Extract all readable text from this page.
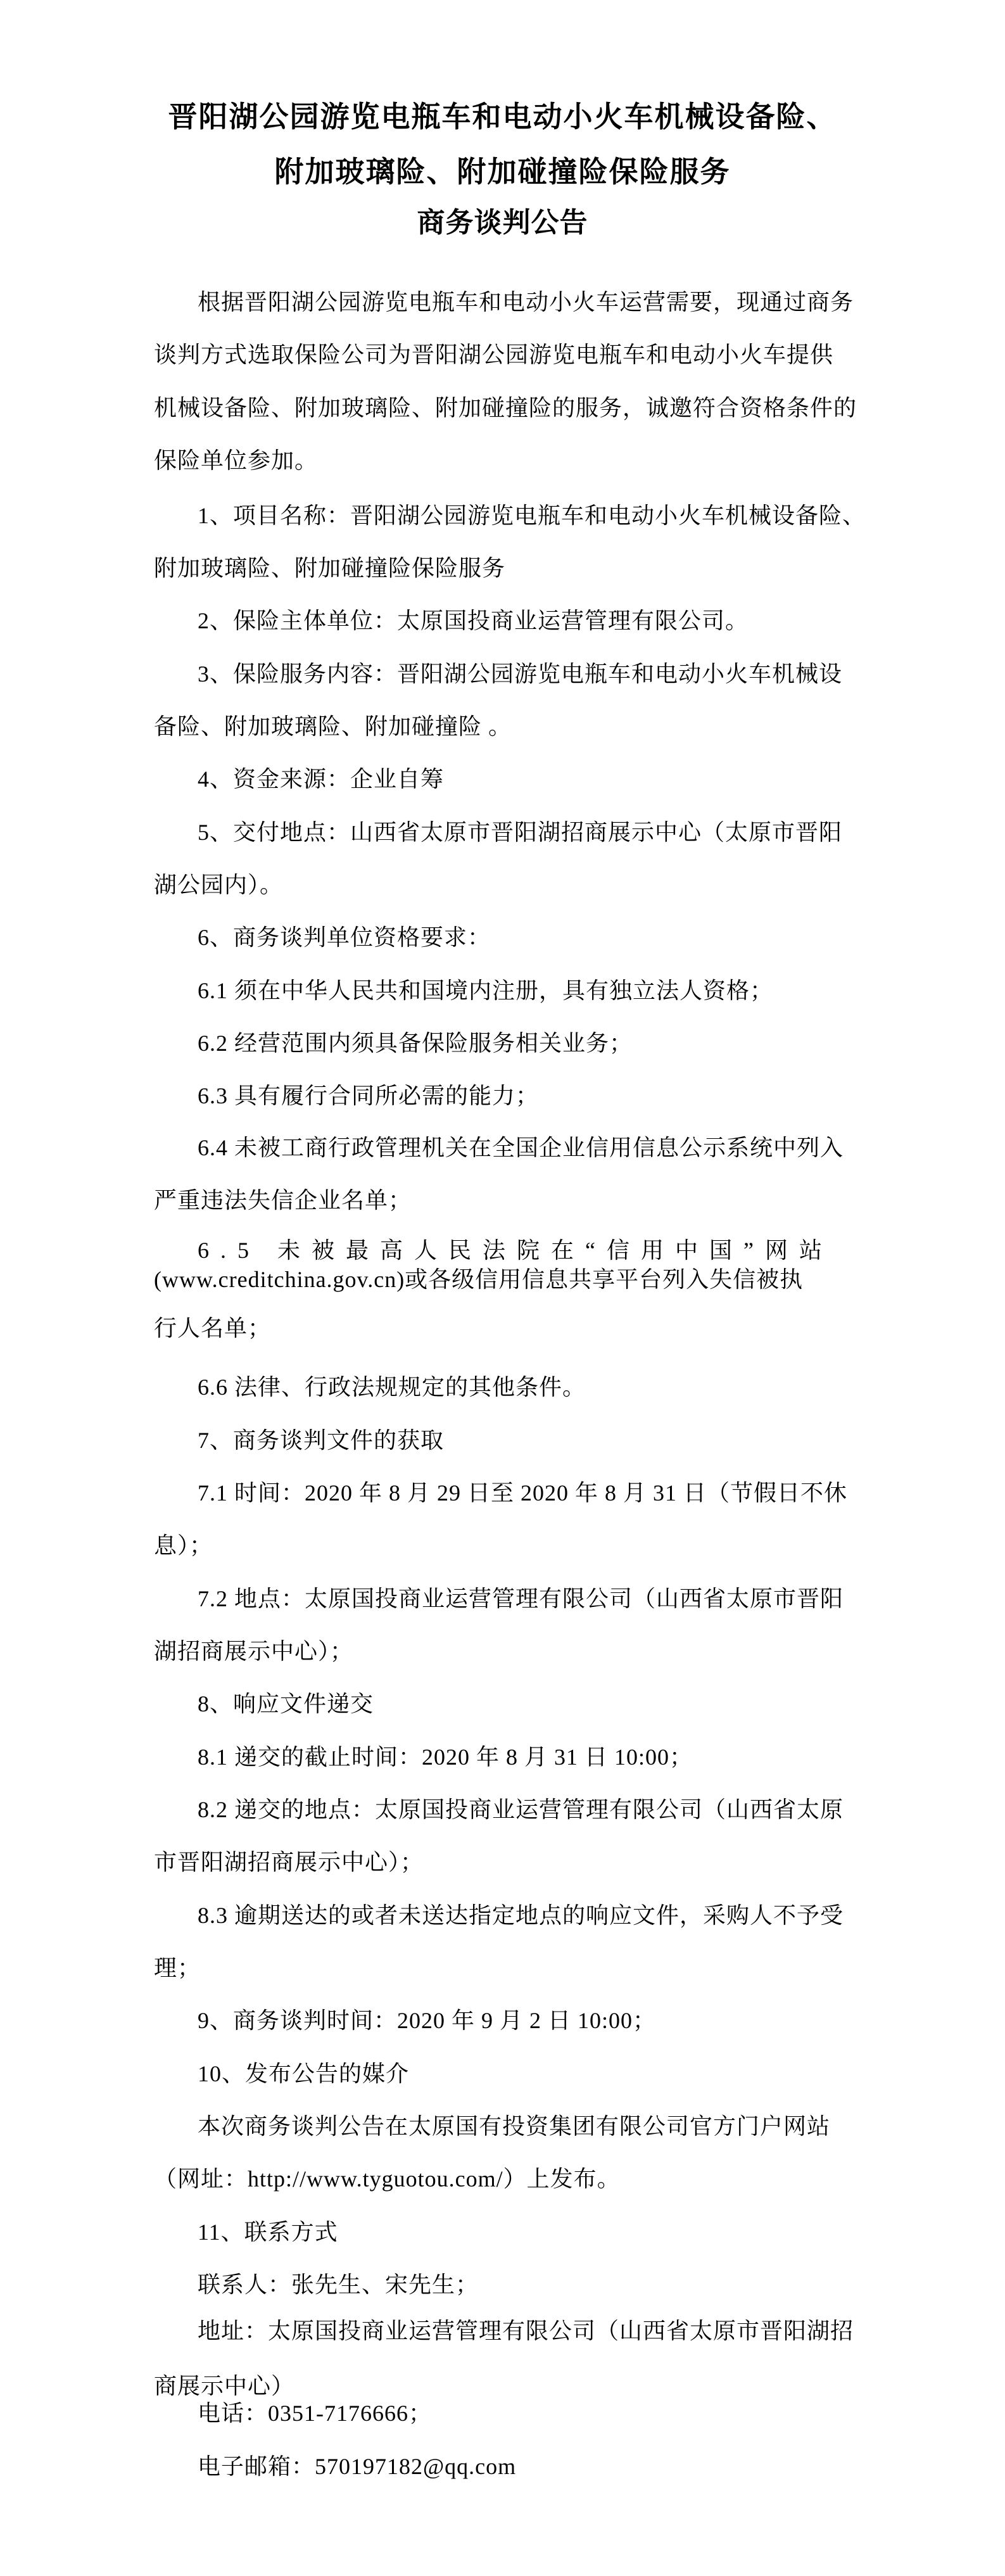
晋阳湖公园游览电瓶车和电动小火车机械设备险、
附加玻璃险、附加碰撞险保险服务
商务谈判公告
根据晋阳湖公园游览电瓶车和电动小火车运营需要，现通过商务
谈判方式选取保险公司为晋阳湖公园游览电瓶车和电动小火车提供
机械设备险、附加玻璃险、附加碰撞险的服务，诚邀符合资格条件的
保险单位参加。
1、项目名称：晋阳湖公园游览电瓶车和电动小火车机械设备险、
附加玻璃险、附加碰撞险保险服务
2、保险主体单位：太原国投商业运营管理有限公司。
3、保险服务内容：晋阳湖公园游览电瓶车和电动小火车机械设
备险、附加玻璃险、附加碰撞险 。
4、资金来源：企业自筹
5、交付地点：山西省太原市晋阳湖招商展示中心（太原市晋阳
湖公园内）。
6、商务谈判单位资格要求：
6.1 须在中华人民共和国境内注册，具有独立法人资格；
6.2 经营范围内须具备保险服务相关业务；
6.3 具有履行合同所必需的能力；
6.4 未被工商行政管理机关在全国企业信用信息公示系统中列入
严重违法失信企业名单；
6.5 未被最高人民法院在“信用中国”网站
(www.creditchina.gov.cn)或各级信用信息共享平台列入失信被执
行人名单；
6.6 法律、行政法规规定的其他条件。
7、商务谈判文件的获取
7.1 时间：2020 年 8 月 29 日至 2020 年 8 月 31 日（节假日不休
息）；
7.2 地点：太原国投商业运营管理有限公司（山西省太原市晋阳
湖招商展示中心）；
8、响应文件递交
8.1 递交的截止时间：2020 年 8 月 31 日 10:00；
8.2 递交的地点：太原国投商业运营管理有限公司（山西省太原
市晋阳湖招商展示中心）；
8.3 逾期送达的或者未送达指定地点的响应文件，采购人不予受
理；
9、商务谈判时间：2020 年 9 月 2 日 10:00；
10、发布公告的媒介
本次商务谈判公告在太原国有投资集团有限公司官方门户网站
（网址：http://www.tyguotou.com/）上发布。
11、联系方式
联系人：张先生、宋先生；
地址：太原国投商业运营管理有限公司（山西省太原市晋阳湖招
商展示中心）
电话：0351-7176666；
电子邮箱：570197182@qq.com
